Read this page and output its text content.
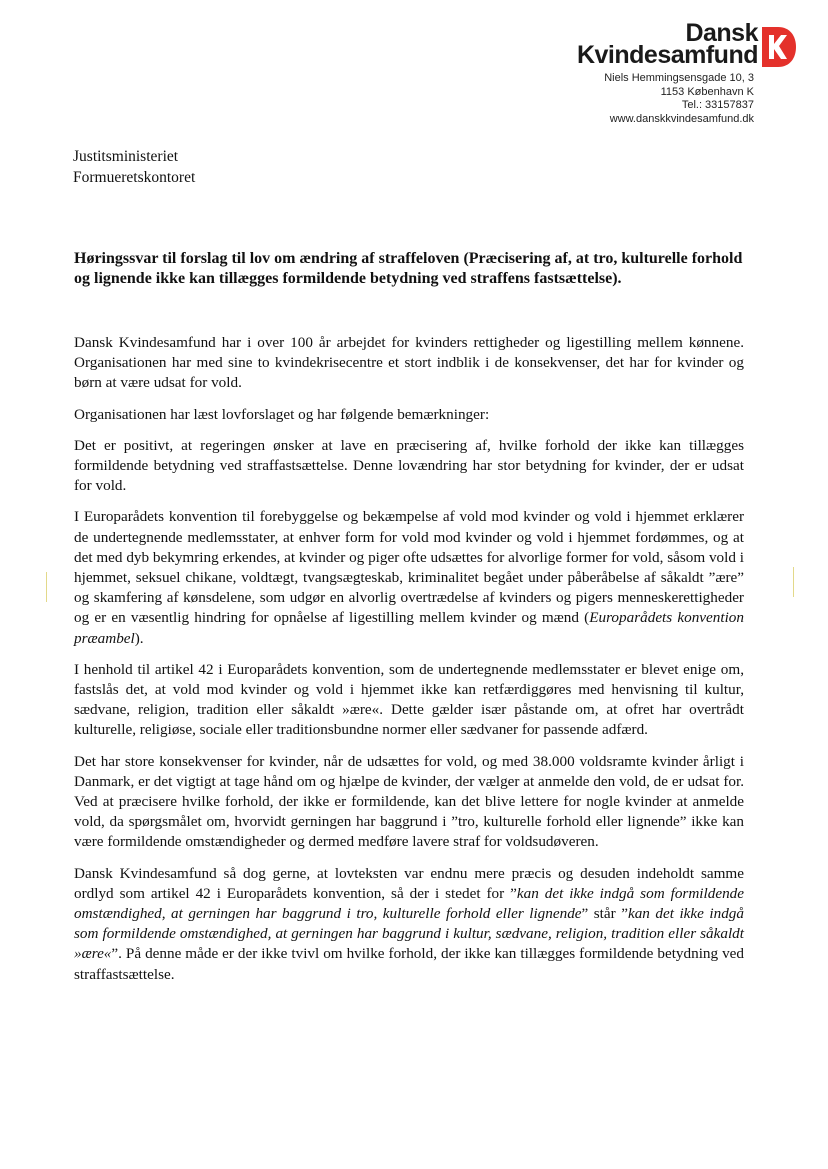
Dansk
Kvindesamfund
Niels Hemmingsensgade 10, 3
1153 København K
Tel.: 33157837
www.danskkvindesamfund.dk
Justitsministeriet
Formueretskontoret
Høringssvar til forslag til lov om ændring af straffeloven (Præcisering af, at tro, kulturelle forhold og lignende ikke kan tillægges formildende betydning ved straffens fastsættelse).

Dansk Kvindesamfund har i over 100 år arbejdet for kvinders rettigheder og ligestilling mellem kønnene. Organisationen har med sine to kvindekrisecentre et stort indblik i de konsekvenser, det har for kvinder og børn at være udsat for vold.

Organisationen har læst lovforslaget og har følgende bemærkninger:

Det er positivt, at regeringen ønsker at lave en præcisering af, hvilke forhold der ikke kan tillægges formildende betydning ved straffastsættelse. Denne lovændring har stor betydning for kvinder, der er udsat for vold.

I Europarådets konvention til forebyggelse og bekæmpelse af vold mod kvinder og vold i hjemmet erklærer de undertegnende medlemsstater, at enhver form for vold mod kvinder og vold i hjemmet fordømmes, og at det med dyb bekymring erkendes, at kvinder og piger ofte udsættes for alvorlige former for vold, såsom vold i hjemmet, seksuel chikane, voldtægt, tvangsægteskab, kriminalitet begået under påberåbelse af såkaldt ”ære” og skamfering af kønsdelene, som udgør en alvorlig overtrædelse af kvinders og pigers menneskerettigheder og er en væsentlig hindring for opnåelse af ligestilling mellem kvinder og mænd (Europarådets konvention præambel).

I henhold til artikel 42 i Europarådets konvention, som de undertegnende medlemsstater er blevet enige om, fastslås det, at vold mod kvinder og vold i hjemmet ikke kan retfærdiggøres med henvisning til kultur, sædvane, religion, tradition eller såkaldt »ære«. Dette gælder især påstande om, at ofret har overtrådt kulturelle, religiøse, sociale eller traditionsbundne normer eller sædvaner for passende adfærd.

Det har store konsekvenser for kvinder, når de udsættes for vold, og med 38.000 voldsramte kvinder årligt i Danmark, er det vigtigt at tage hånd om og hjælpe de kvinder, der vælger at anmelde den vold, de er udsat for. Ved at præcisere hvilke forhold, der ikke er formildende, kan det blive lettere for nogle kvinder at anmelde vold, da spørgsmålet om, hvorvidt gerningen har baggrund i ”tro, kulturelle forhold eller lignende” ikke kan være formildende omstændigheder og dermed medføre lavere straf for voldsudøveren.

Dansk Kvindesamfund så dog gerne, at lovteksten var endnu mere præcis og desuden indeholdt samme ordlyd som artikel 42 i Europarådets konvention, så der i stedet for ”kan det ikke indgå som formildende omstændighed, at gerningen har baggrund i tro, kulturelle forhold eller lignende” står ”kan det ikke indgå som formildende omstændighed, at gerningen har baggrund i kultur, sædvane, religion, tradition eller såkaldt »ære«”. På denne måde er der ikke tvivl om hvilke forhold, der ikke kan tillægges formildende betydning ved straffastsættelse.
